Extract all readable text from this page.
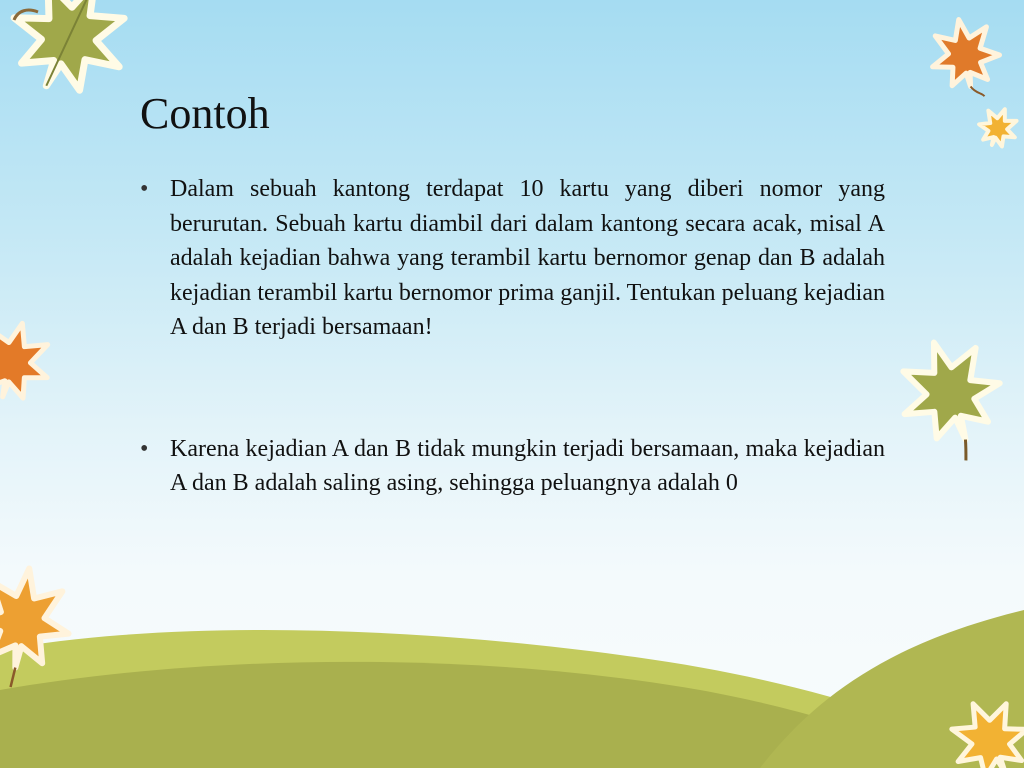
Contoh
• Dalam sebuah kantong terdapat 10 kartu yang diberi nomor yang berurutan. Sebuah kartu diambil dari dalam kantong secara acak, misal A adalah kejadian bahwa yang terambil kartu bernomor genap dan B adalah kejadian terambil kartu bernomor prima ganjil. Tentukan peluang kejadian A dan B terjadi bersamaan!
• Karena kejadian A dan B tidak mungkin terjadi bersamaan, maka kejadian A dan B adalah saling asing, sehingga peluangnya adalah 0
